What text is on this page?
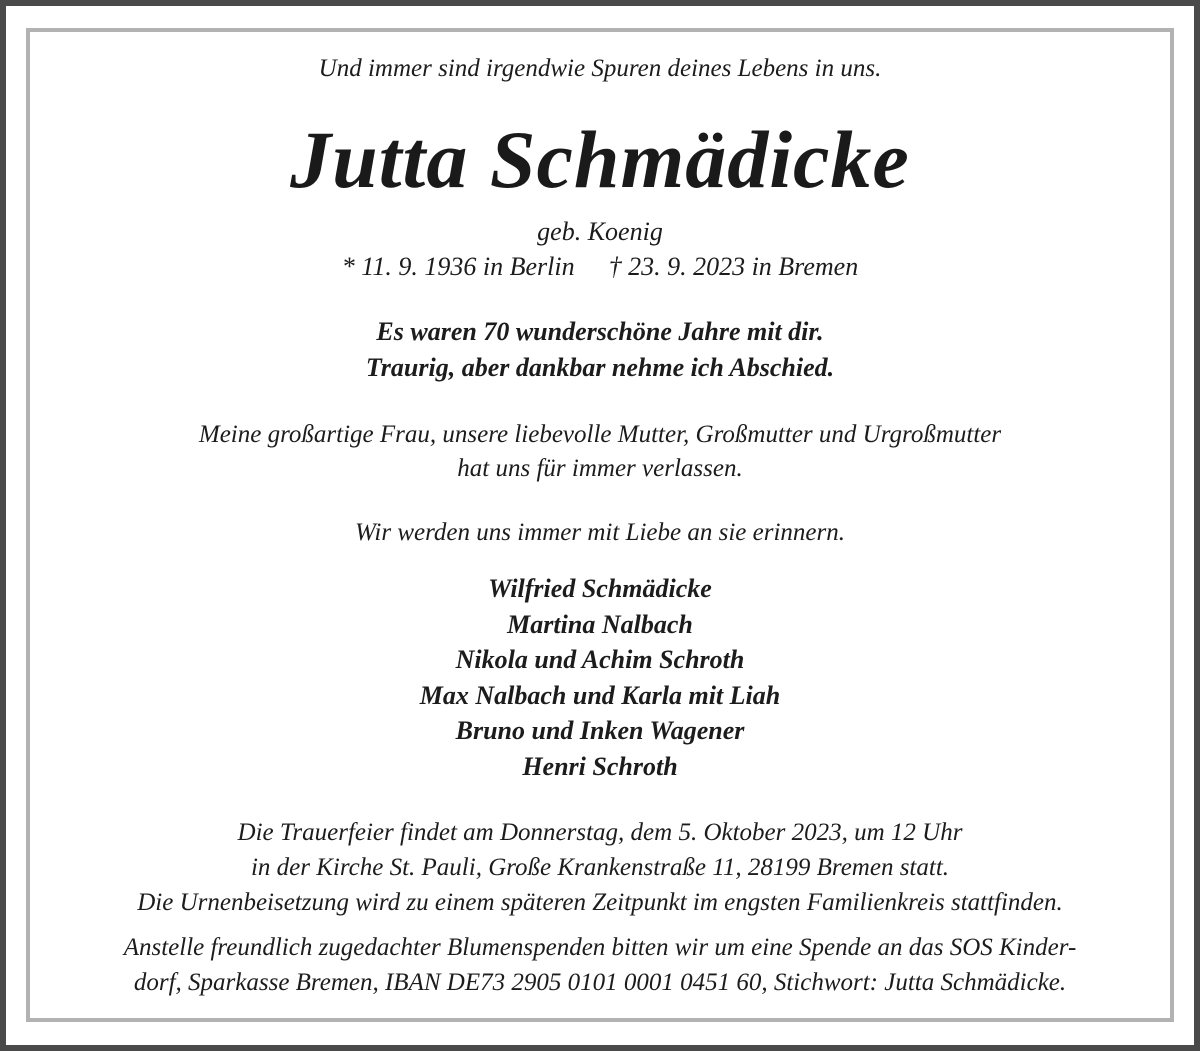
Und immer sind irgendwie Spuren deines Lebens in uns.
Jutta Schmädicke
geb. Koenig
* 11. 9. 1936 in Berlin † 23. 9. 2023 in Bremen
Es waren 70 wunderschöne Jahre mit dir.
Traurig, aber dankbar nehme ich Abschied.
Meine großartige Frau, unsere liebevolle Mutter, Großmutter und Urgroßmutter
hat uns für immer verlassen.
Wir werden uns immer mit Liebe an sie erinnern.
Wilfried Schmädicke
Martina Nalbach
Nikola und Achim Schroth
Max Nalbach und Karla mit Liah
Bruno und Inken Wagener
Henri Schroth
Die Trauerfeier findet am Donnerstag, dem 5. Oktober 2023, um 12 Uhr
in der Kirche St. Pauli, Große Krankenstraße 11, 28199 Bremen statt.
Die Urnenbeisetzung wird zu einem späteren Zeitpunkt im engsten Familienkreis stattfinden.
Anstelle freundlich zugedachter Blumenspenden bitten wir um eine Spende an das SOS Kinder-
dorf, Sparkasse Bremen, IBAN DE73 2905 0101 0001 0451 60, Stichwort: Jutta Schmädicke.
